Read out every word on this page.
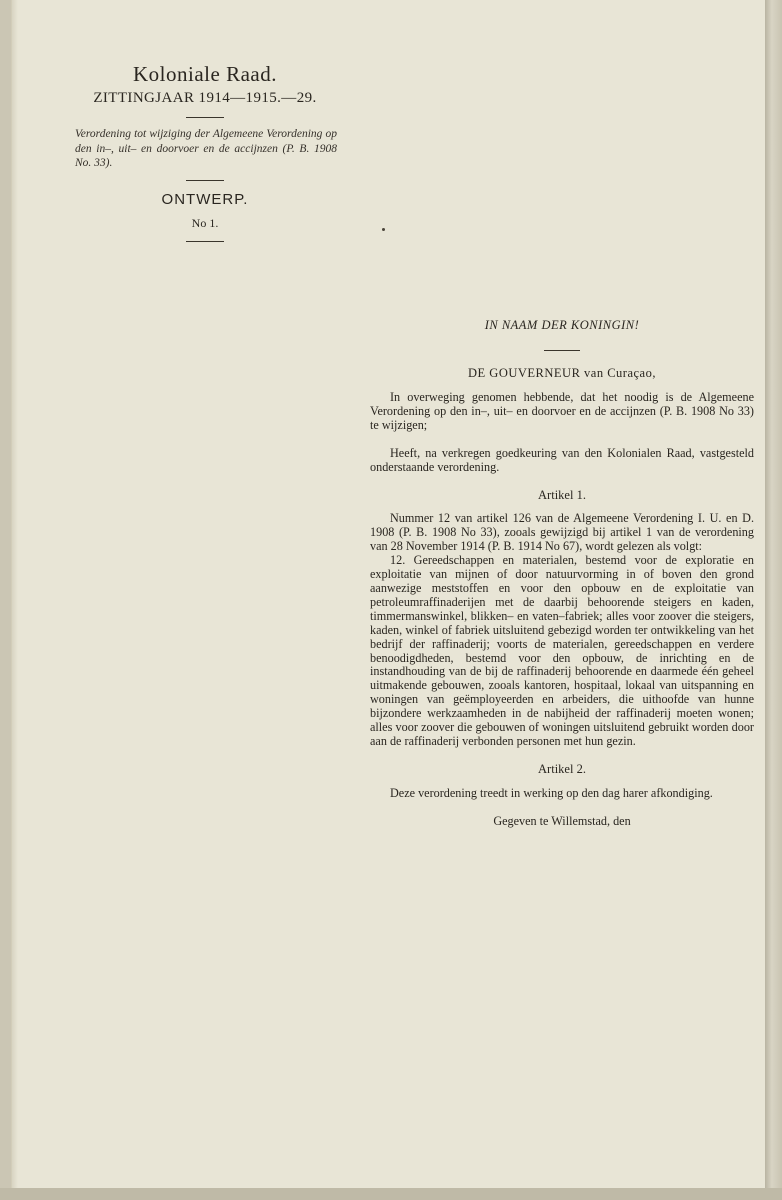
Koloniale Raad.

ZITTINGJAAR 1914—1915.—29.

Verordening tot wijziging der Algemeene Verordening op den in–, uit– en doorvoer en de accijnzen (P. B. 1908 No. 33).

ONTWERP.

No 1.

IN NAAM DER KONINGIN!

DE GOUVERNEUR van Curaçao,

In overweging genomen hebbende, dat het noodig is de Algemeene Verordening op den in–, uit– en doorvoer en de accijnzen (P. B. 1908 No 33) te wijzigen;

Heeft, na verkregen goedkeuring van den Kolonialen Raad, vastgesteld onderstaande verordening.

Artikel 1.

Nummer 12 van artikel 126 van de Algemeene Verordening I. U. en D. 1908 (P. B. 1908 No 33), zooals gewijzigd bij artikel 1 van de verordening van 28 November 1914 (P. B. 1914 No 67), wordt gelezen als volgt:

12. Gereedschappen en materialen, bestemd voor de exploratie en exploitatie van mijnen of door natuurvorming in of boven den grond aanwezige meststoffen en voor den opbouw en de exploitatie van petroleumraffinaderijen met de daarbij behoorende steigers en kaden, timmermanswinkel, blikken– en vaten–fabriek; alles voor zoover die steigers, kaden, winkel of fabriek uitsluitend gebezigd worden ter ontwikkeling van het bedrijf der raffinaderij; voorts de materialen, gereedschappen en verdere benoodigdheden, bestemd voor den opbouw, de inrichting en de instandhouding van de bij de raffinaderij behoorende en daarmede één geheel uitmakende gebouwen, zooals kantoren, hospitaal, lokaal van uitspanning en woningen van geëmployeerden en arbeiders, die uithoofde van hunne bijzondere werkzaamheden in de nabijheid der raffinaderij moeten wonen; alles voor zoover die gebouwen of woningen uitsluitend gebruikt worden door aan de raffinaderij verbonden personen met hun gezin.

Artikel 2.

Deze verordening treedt in werking op den dag harer afkondiging.

Gegeven te Willemstad, den
